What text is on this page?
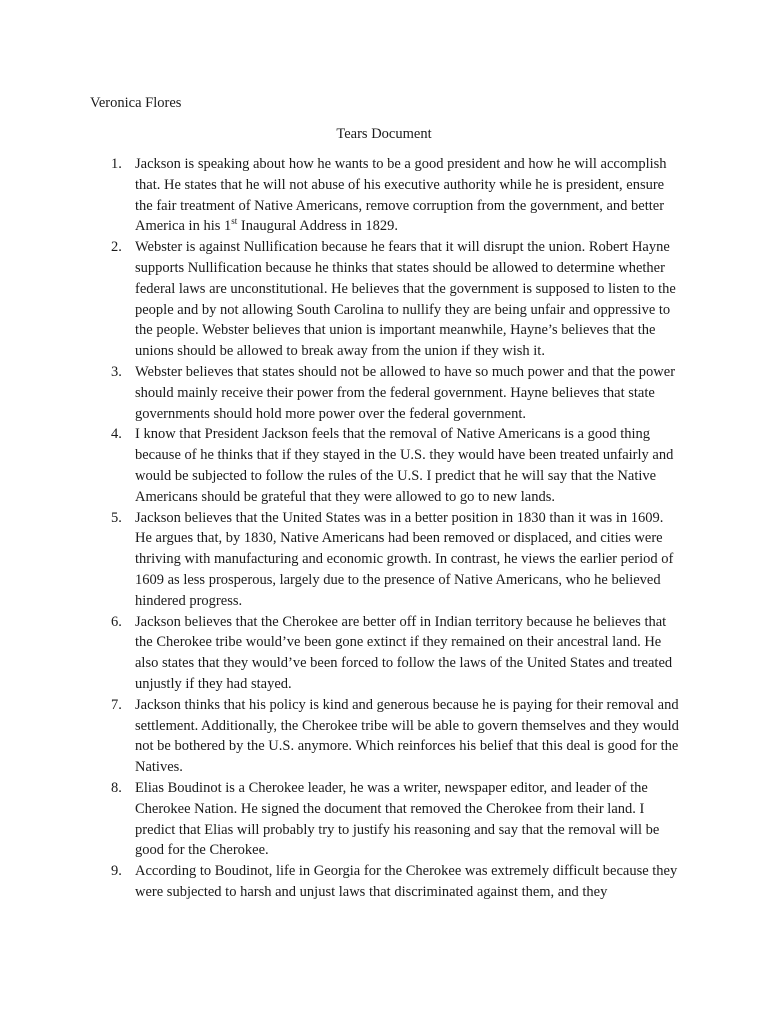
Veronica Flores

Tears Document
1. Jackson is speaking about how he wants to be a good president and how he will accomplish that. He states that he will not abuse of his executive authority while he is president, ensure the fair treatment of Native Americans, remove corruption from the government, and better America in his 1st Inaugural Address in 1829.
2. Webster is against Nullification because he fears that it will disrupt the union. Robert Hayne supports Nullification because he thinks that states should be allowed to determine whether federal laws are unconstitutional. He believes that the government is supposed to listen to the people and by not allowing South Carolina to nullify they are being unfair and oppressive to the people. Webster believes that union is important meanwhile, Hayne’s believes that the unions should be allowed to break away from the union if they wish it.
3. Webster believes that states should not be allowed to have so much power and that the power should mainly receive their power from the federal government. Hayne believes that state governments should hold more power over the federal government.
4. I know that President Jackson feels that the removal of Native Americans is a good thing because of he thinks that if they stayed in the U.S. they would have been treated unfairly and would be subjected to follow the rules of the U.S. I predict that he will say that the Native Americans should be grateful that they were allowed to go to new lands.
5. Jackson believes that the United States was in a better position in 1830 than it was in 1609. He argues that, by 1830, Native Americans had been removed or displaced, and cities were thriving with manufacturing and economic growth. In contrast, he views the earlier period of 1609 as less prosperous, largely due to the presence of Native Americans, who he believed hindered progress.
6. Jackson believes that the Cherokee are better off in Indian territory because he believes that the Cherokee tribe would’ve been gone extinct if they remained on their ancestral land. He also states that they would’ve been forced to follow the laws of the United States and treated unjustly if they had stayed.
7. Jackson thinks that his policy is kind and generous because he is paying for their removal and settlement. Additionally, the Cherokee tribe will be able to govern themselves and they would not be bothered by the U.S. anymore. Which reinforces his belief that this deal is good for the Natives.
8. Elias Boudinot is a Cherokee leader, he was a writer, newspaper editor, and leader of the Cherokee Nation. He signed the document that removed the Cherokee from their land. I predict that Elias will probably try to justify his reasoning and say that the removal will be good for the Cherokee.
9. According to Boudinot, life in Georgia for the Cherokee was extremely difficult because they were subjected to harsh and unjust laws that discriminated against them, and they
